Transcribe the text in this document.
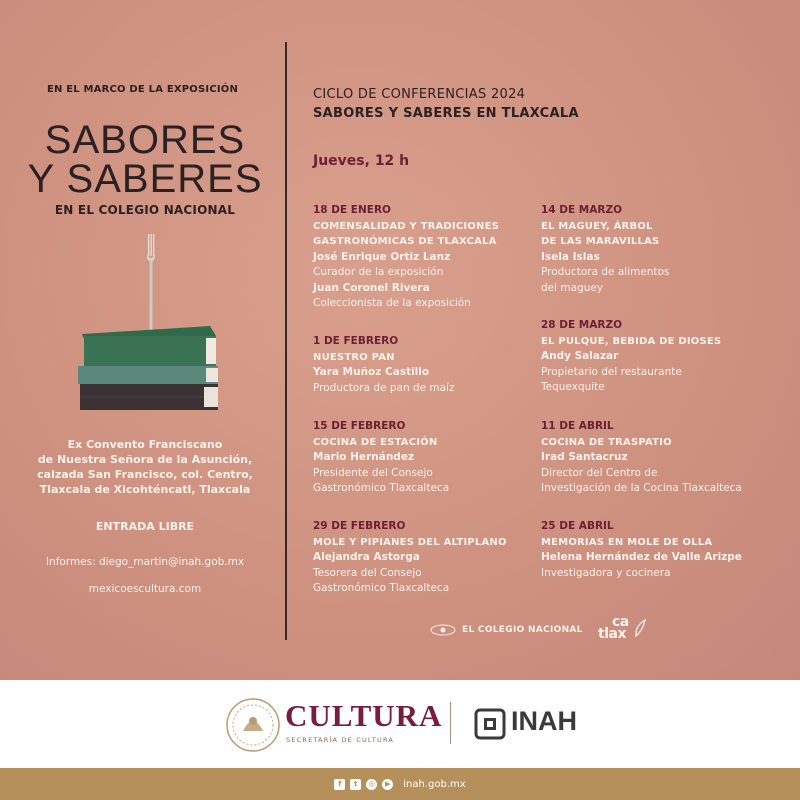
EN EL MARCO DE LA EXPOSICIÓN
SABORES
Y SABERES
EN EL COLEGIO NACIONAL
Ex Convento Franciscano
de Nuestra Señora de la Asunción,
calzada San Francisco, col. Centro,
Tlaxcala de Xicohténcatl, Tlaxcala
ENTRADA LIBRE
Informes: diego_martin@inah.gob.mx
mexicoescultura.com
CICLO DE CONFERENCIAS 2024
SABORES Y SABERES EN TLAXCALA
Jueves, 12 h
18 DE ENERO
COMENSALIDAD Y TRADICIONES
GASTRONÓMICAS DE TLAXCALA
José Enrique Ortiz Lanz
Curador de la exposición
Juan Coronel Rivera
Coleccionista de la exposición
1 DE FEBRERO
NUESTRO PAN
Yara Muñoz Castillo
Productora de pan de maíz
15 DE FEBRERO
COCINA DE ESTACIÓN
Mario Hernández
Presidente del Consejo
Gastronómico Tlaxcalteca
29 DE FEBRERO
MOLE Y PIPIANES DEL ALTIPLANO
Alejandra Astorga
Tesorera del Consejo
Gastronómico Tlaxcalteca
14 DE MARZO
EL MAGUEY, ÁRBOL
DE LAS MARAVILLAS
Isela Islas
Productora de alimentos
del maguey
28 DE MARZO
EL PULQUE, BEBIDA DE DIOSES
Andy Salazar
Propietario del restaurante
Tequexquite
11 DE ABRIL
COCINA DE TRASPATIO
Irad Santacruz
Director del Centro de
Investigación de la Cocina Tlaxcalteca
25 DE ABRIL
MEMORIAS EN MOLE DE OLLA
Helena Hernández de Valle Arizpe
Investigadora y cocinera
EL COLEGIO NACIONAL	ca
tlax
CULTURA
SECRETARÍA DE CULTURA
INAH
f	t	◎	▶ inah.gob.mx
